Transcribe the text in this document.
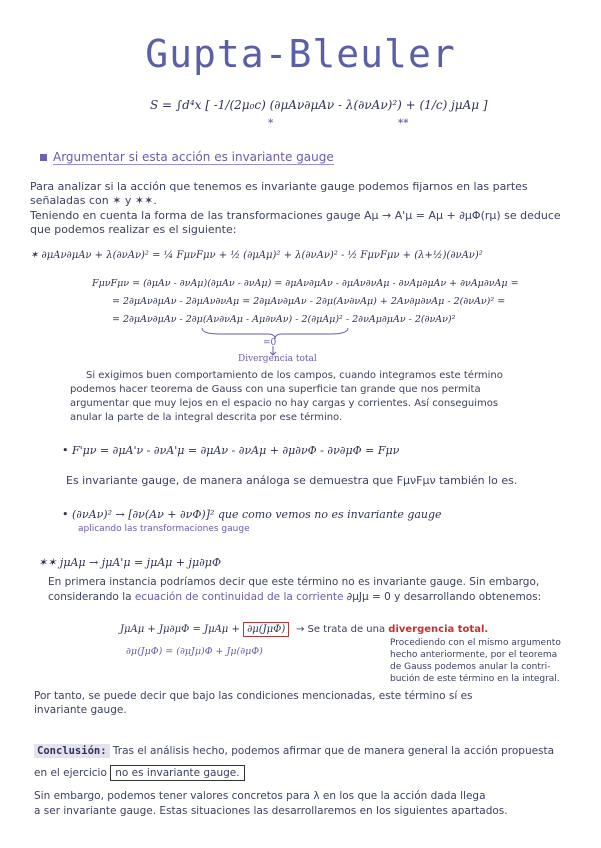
Gupta-Bleuler
S = ∫d⁴x [ -1/(2μ₀c) (∂μAν∂μAν - λ(∂νAν)²) + (1/c) jμAμ ]
*	**
Argumentar si esta acción es invariante gauge
Para analizar si la acción que tenemos es invariante gauge podemos fijarnos en las partes
señaladas con ✶ y ✶✶.
Teniendo en cuenta la forma de las transformaciones gauge Aμ → A'μ = Aμ + ∂μΦ(rμ) se deduce
que podemos realizar es el siguiente:
✶ ∂μAν∂μAν + λ(∂νAν)² = ¼ FμνFμν + ½ (∂μAμ)² + λ(∂νAν)² - ½ FμνFμν + (λ+½)(∂νAν)²
FμνFμν = (∂μAν - ∂νAμ)(∂μAν - ∂νAμ) = ∂μAν∂μAν - ∂μAν∂νAμ - ∂νAμ∂μAν + ∂νAμ∂νAμ =
= 2∂μAν∂μAν - 2∂μAν∂νAμ = 2∂μAν∂μAν - 2∂μ(Aν∂νAμ) + 2Aν∂μ∂νAμ - 2(∂νAν)² =
= 2∂μAν∂μAν - 2∂μ(Aν∂νAμ - Aμ∂νAν) - 2(∂μAμ)² - 2∂νAμ∂μAν - 2(∂νAν)²
=0
Divergencia total
Si exigimos buen comportamiento de los campos, cuando integramos este término
podemos hacer teorema de Gauss con una superficie tan grande que nos permita
argumentar que muy lejos en el espacio no hay cargas y corrientes. Así conseguimos
anular la parte de la integral descrita por ese término.
• F'μν = ∂μA'ν - ∂νA'μ = ∂μAν - ∂νAμ + ∂μ∂νΦ - ∂ν∂μΦ = Fμν
Es invariante gauge, de manera análoga se demuestra que FμνFμν también lo es.
• (∂νAν)² → [∂ν(Aν + ∂νΦ)]² que como vemos no es invariante gauge
aplicando las transformaciones gauge
✶✶ jμAμ → jμA'μ = jμAμ + jμ∂μΦ
En primera instancia podríamos decir que este término no es invariante gauge. Sin embargo,
considerando la ecuación de continuidad de la corriente ∂μJμ = 0 y desarrollando obtenemos:
JμAμ + Jμ∂μΦ = JμAμ + ∂μ(JμΦ)	→ Se trata de una divergencia total.
∂μ(JμΦ) = (∂μJμ)Φ + Jμ(∂μΦ)
Procediendo con el mismo argumento
hecho anteriormente, por el teorema
de Gauss podemos anular la contri-
bución de este término en la integral.
Por tanto, se puede decir que bajo las condiciones mencionadas, este término sí es
invariante gauge.
Conclusión: Tras el análisis hecho, podemos afirmar que de manera general la acción propuesta
en el ejercicio no es invariante gauge.
Sin embargo, podemos tener valores concretos para λ en los que la acción dada llega
a ser invariante gauge. Estas situaciones las desarrollaremos en los siguientes apartados.
